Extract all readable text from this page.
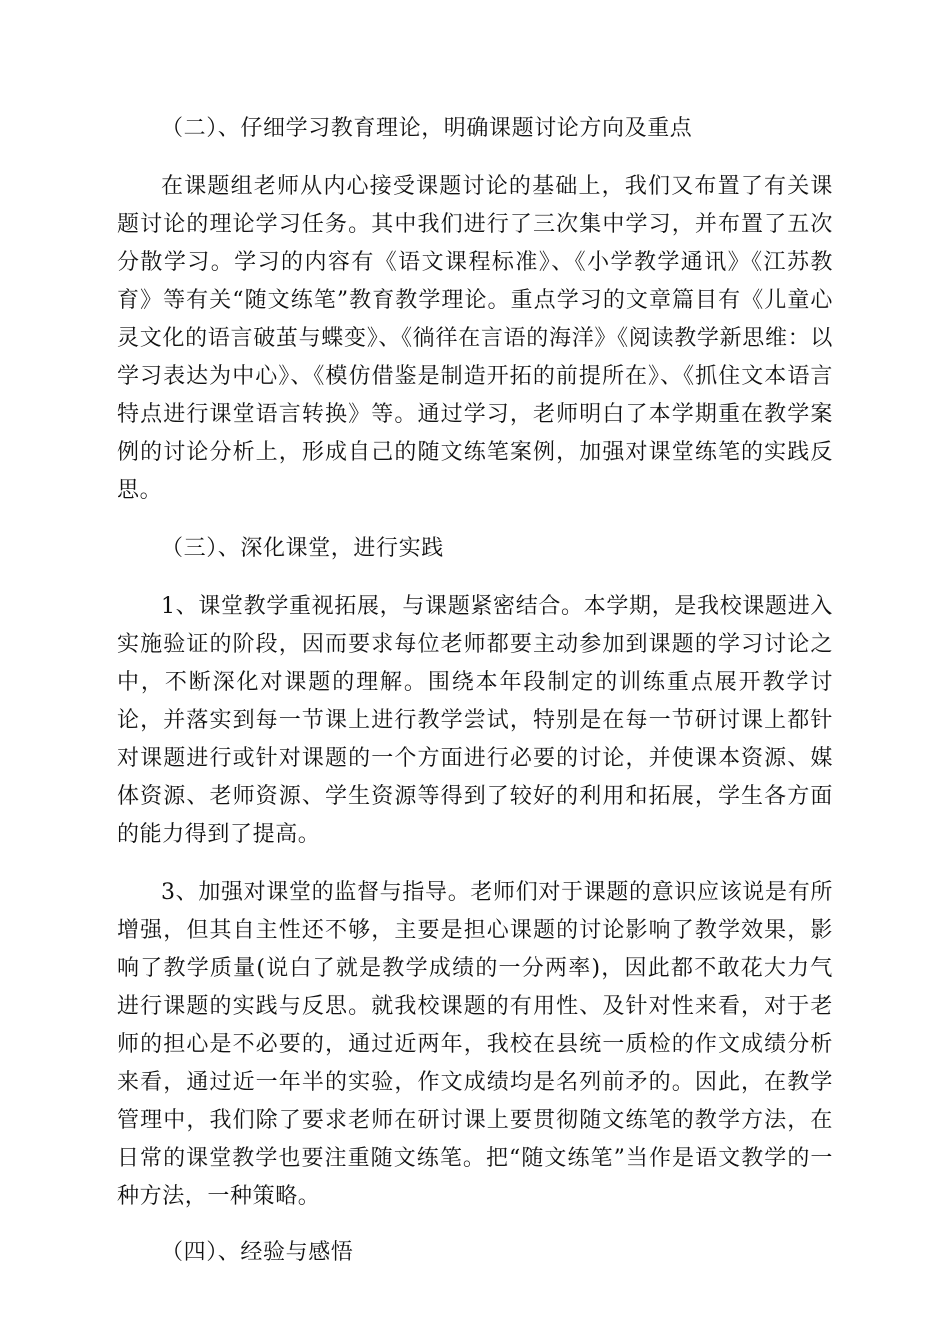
（二）、仔细学习教育理论，明确课题讨论方向及重点

在课题组老师从内心接受课题讨论的基础上，我们又布置了有关课题讨论的理论学习任务。其中我们进行了三次集中学习，并布置了五次分散学习。学习的内容有《语文课程标准》、《小学教学通讯》《江苏教育》等有关“随文练笔”教育教学理论。重点学习的文章篇目有《儿童心灵文化的语言破茧与蝶变》、《徜徉在言语的海洋》《阅读教学新思维：以学习表达为中心》、《模仿借鉴是制造开拓的前提所在》、《抓住文本语言特点进行课堂语言转换》等。通过学习，老师明白了本学期重在教学案例的讨论分析上，形成自己的随文练笔案例，加强对课堂练笔的实践反思。

（三）、深化课堂，进行实践

1、课堂教学重视拓展，与课题紧密结合。本学期，是我校课题进入实施验证的阶段，因而要求每位老师都要主动参加到课题的学习讨论之中，不断深化对课题的理解。围绕本年段制定的训练重点展开教学讨论，并落实到每一节课上进行教学尝试，特别是在每一节研讨课上都针对课题进行或针对课题的一个方面进行必要的讨论，并使课本资源、媒体资源、老师资源、学生资源等得到了较好的利用和拓展，学生各方面的能力得到了提高。

3、加强对课堂的监督与指导。老师们对于课题的意识应该说是有所增强，但其自主性还不够，主要是担心课题的讨论影响了教学效果，影响了教学质量(说白了就是教学成绩的一分两率)，因此都不敢花大力气进行课题的实践与反思。就我校课题的有用性、及针对性来看，对于老师的担心是不必要的，通过近两年，我校在县统一质检的作文成绩分析来看，通过近一年半的实验，作文成绩均是名列前矛的。因此，在教学管理中，我们除了要求老师在研讨课上要贯彻随文练笔的教学方法，在日常的课堂教学也要注重随文练笔。把“随文练笔”当作是语文教学的一种方法，一种策略。

（四）、经验与感悟
